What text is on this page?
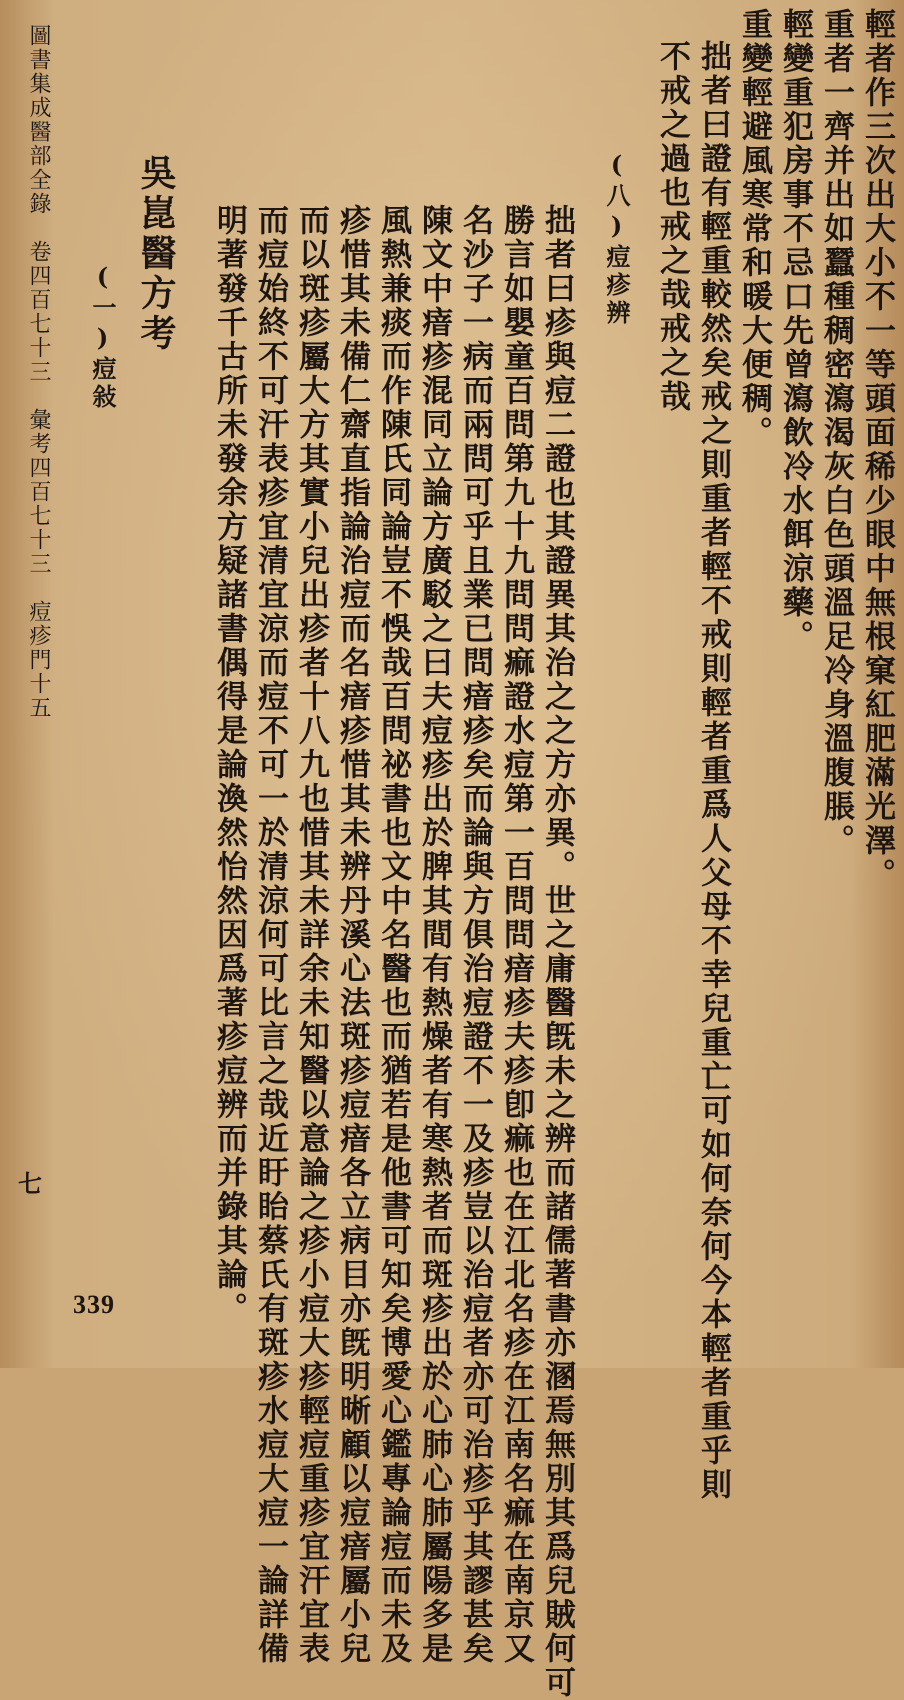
輕者作三次出大小不一等頭面稀少眼中無根窠紅肥滿光澤。
重者一齊并出如蠶種稠密瀉渴灰白色頭溫足冷身溫腹脹。
輕變重犯房事不忌口先曾瀉飲冷水餌涼藥。
重變輕避風寒常和暖大便稠。
拙者曰證有輕重較然矣戒之則重者輕不戒則輕者重爲人父母不幸兒重亡可如何奈何今本輕者重乎則
不戒之過也戒之哉戒之哉
(八)痘疹辨
拙者曰疹與痘二證也其證異其治之之方亦異。世之庸醫旣未之辨而諸儒著書亦溷焉無別其爲兒賊何可
勝言如嬰童百問第九十九問問痲證水痘第一百問問瘖疹夫疹卽痲也在江北名疹在江南名痲在南京又
名沙子一病而兩問可乎且業已問瘖疹矣而論與方俱治痘證不一及疹豈以治痘者亦可治疹乎其謬甚矣
陳文中瘖疹混同立論方廣駁之曰夫痘疹出於脾其間有熱燥者有寒熱者而斑疹出於心肺心肺屬陽多是
風熱兼痰而作陳氏同論豈不悞哉百問祕書也文中名醫也而猶若是他書可知矣博愛心鑑專論痘而未及
疹惜其未備仁齋直指論治痘而名瘖疹惜其未辨丹溪心法斑疹痘瘖各立病目亦旣明晰顧以痘瘖屬小兒
而以斑疹屬大方其實小兒出疹者十八九也惜其未詳余未知醫以意論之疹小痘大疹輕痘重疹宜汗宜表
而痘始終不可汗表疹宜清宜涼而痘不可一於清涼何可比言之哉近盱眙蔡氏有斑疹水痘大痘一論詳備
明著發千古所未發余方疑諸書偶得是論渙然怡然因爲著疹痘辨而并錄其論。
吳崑醫方考
(一)痘敍
圖書集成醫部全錄　卷四百七十三　彙考四百七十三　痘疹門十五
七
339
